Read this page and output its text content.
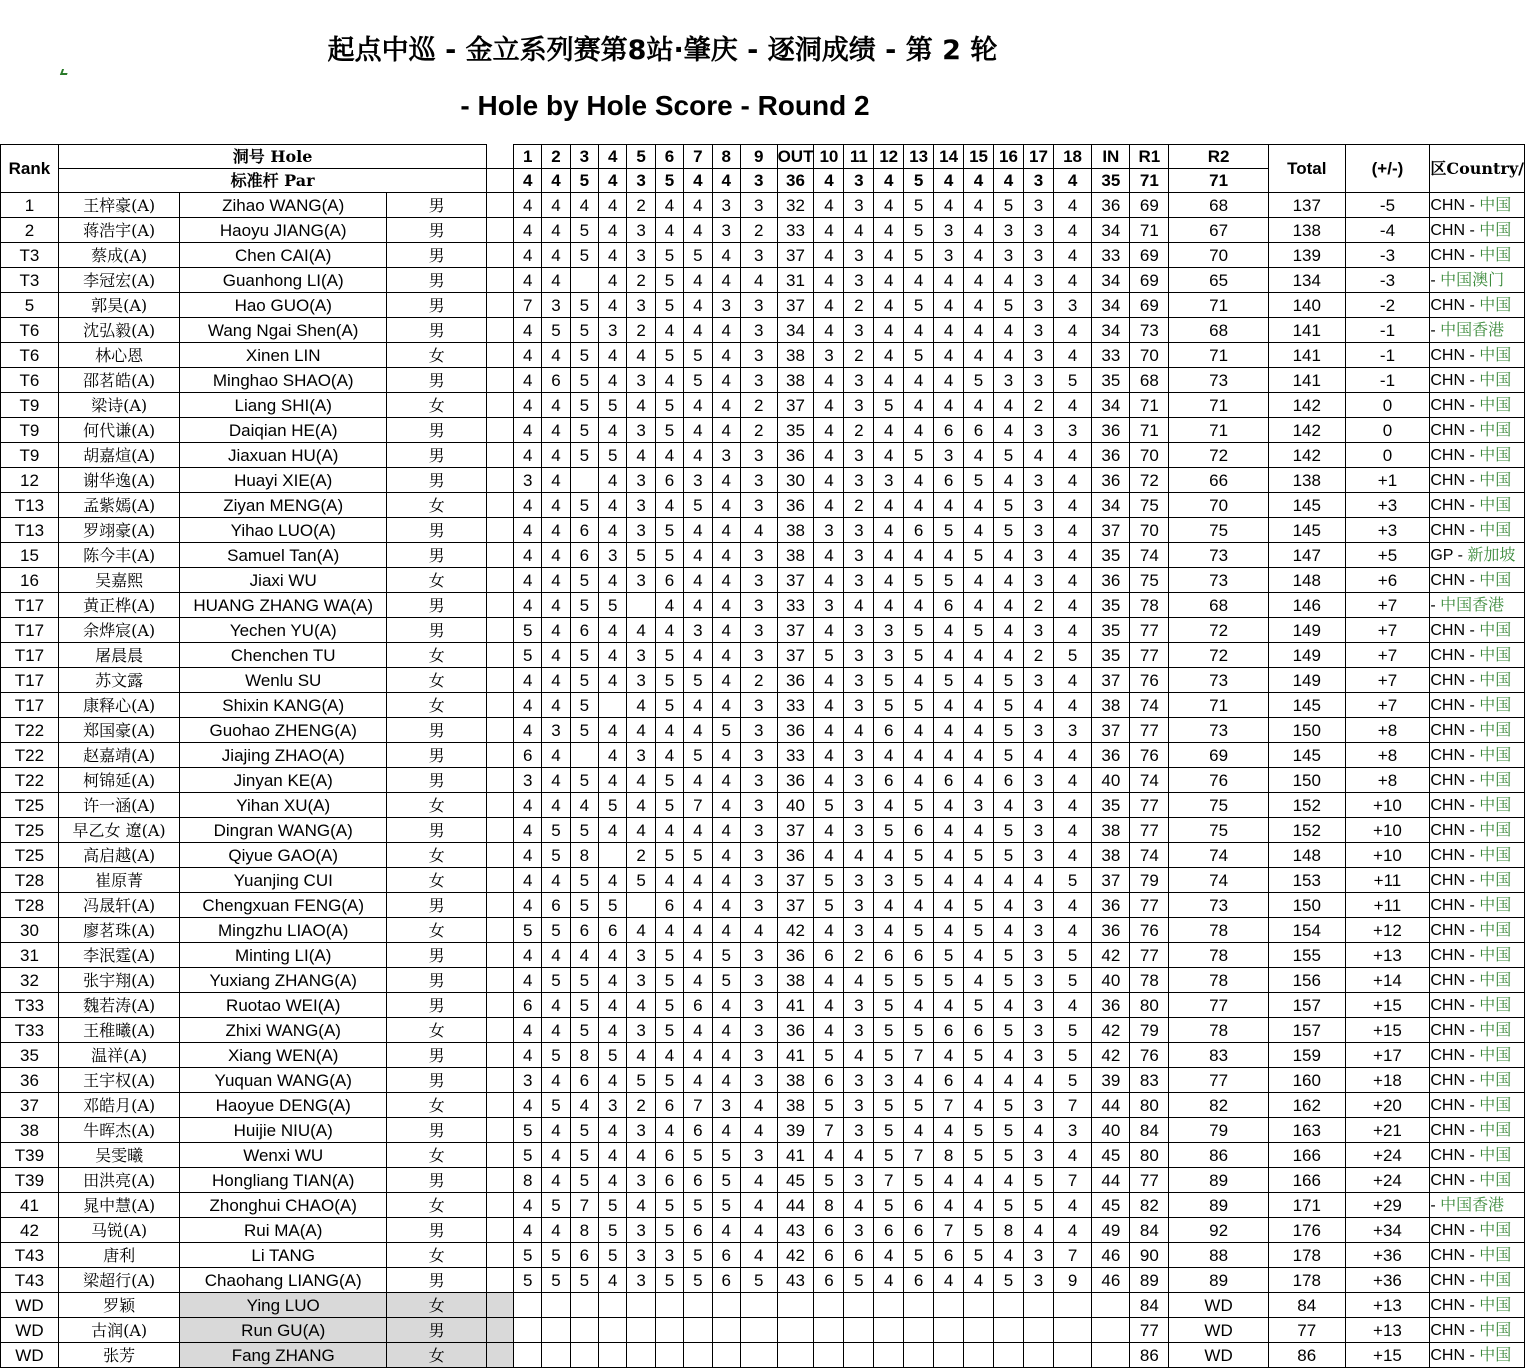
起点中巡 - 金立系列赛第8站·肇庆 - 逐洞成绩 - 第 2 轮
- Hole by Hole Score - Round 2
Rank	洞号 Hole				1	2	3	4	5	6	7	8	9	OUT	10	11	12	13	14	15	16	17	18	IN	R1	R2	Total	(+/-)	区Country/
	标准杆 Par				4	4	5	4	3	5	4	4	3	36	4	3	4	5	4	4	4	3	4	35	71	71			
1	王梓豪(A)	Zihao WANG(A)	男		4	4	4	4	2	4	4	3	3	32	4	3	4	5	4	4	5	3	4	36	69	68	137	-5	CHN - 中国
2	蒋浩宇(A)	Haoyu JIANG(A)	男		4	4	5	4	3	4	4	3	2	33	4	4	4	5	3	4	3	3	4	34	71	67	138	-4	CHN - 中国
T3	蔡成(A)	Chen CAI(A)	男		4	4	5	4	3	5	5	4	3	37	4	3	4	5	3	4	3	3	4	33	69	70	139	-3	CHN - 中国
T3	李冠宏(A)	Guanhong LI(A)	男		4	4		4	2	5	4	4	4	31	4	3	4	4	4	4	4	3	4	34	69	65	134	-3	- 中国澳门
5	郭昊(A)	Hao GUO(A)	男		7	3	5	4	3	5	4	3	3	37	4	2	4	5	4	4	5	3	3	34	69	71	140	-2	CHN - 中国
T6	沈弘毅(A)	Wang Ngai Shen(A)	男		4	5	5	3	2	4	4	4	3	34	4	3	4	4	4	4	4	3	4	34	73	68	141	-1	- 中国香港
T6	林心恩	Xinen LIN	女		4	4	5	4	4	5	5	4	3	38	3	2	4	5	4	4	4	3	4	33	70	71	141	-1	CHN - 中国
T6	邵茗皓(A)	Minghao SHAO(A)	男		4	6	5	4	3	4	5	4	3	38	4	3	4	4	4	5	3	3	5	35	68	73	141	-1	CHN - 中国
T9	梁诗(A)	Liang SHI(A)	女		4	4	5	5	4	5	4	4	2	37	4	3	5	4	4	4	4	2	4	34	71	71	142	0	CHN - 中国
T9	何代谦(A)	Daiqian HE(A)	男		4	4	5	4	3	5	4	4	2	35	4	2	4	4	6	6	4	3	3	36	71	71	142	0	CHN - 中国
T9	胡嘉煊(A)	Jiaxuan HU(A)	男		4	4	5	5	4	4	4	3	3	36	4	3	4	5	3	4	5	4	4	36	70	72	142	0	CHN - 中国
12	谢华逸(A)	Huayi XIE(A)	男		3	4		4	3	6	3	4	3	30	4	3	3	4	6	5	4	3	4	36	72	66	138	+1	CHN - 中国
T13	孟紫嫣(A)	Ziyan MENG(A)	女		4	4	5	4	3	4	5	4	3	36	4	2	4	4	4	4	5	3	4	34	75	70	145	+3	CHN - 中国
T13	罗翊豪(A)	Yihao LUO(A)	男		4	4	6	4	3	5	4	4	4	38	3	3	4	6	5	4	5	3	4	37	70	75	145	+3	CHN - 中国
15	陈今丰(A)	Samuel Tan(A)	男		4	4	6	3	5	5	4	4	3	38	4	3	4	4	4	5	4	3	4	35	74	73	147	+5	GP - 新加坡
16	吴嘉熙	Jiaxi WU	女		4	4	5	4	3	6	4	4	3	37	4	3	4	5	5	4	4	3	4	36	75	73	148	+6	CHN - 中国
T17	黄正桦(A)	HUANG ZHANG WA(A)	男		4	4	5	5		4	4	4	3	33	3	4	4	4	6	4	4	2	4	35	78	68	146	+7	- 中国香港
T17	余烨宸(A)	Yechen YU(A)	男		5	4	6	4	4	4	3	4	3	37	4	3	3	5	4	5	4	3	4	35	77	72	149	+7	CHN - 中国
T17	屠晨晨	Chenchen TU	女		5	4	5	4	3	5	4	4	3	37	5	3	3	5	4	4	4	2	5	35	77	72	149	+7	CHN - 中国
T17	苏文露	Wenlu SU	女		4	4	5	4	3	5	5	4	2	36	4	3	5	4	5	4	5	3	4	37	76	73	149	+7	CHN - 中国
T17	康释心(A)	Shixin KANG(A)	女		4	4	5		4	5	4	4	3	33	4	3	5	5	4	4	5	4	4	38	74	71	145	+7	CHN - 中国
T22	郑国豪(A)	Guohao ZHENG(A)	男		4	3	5	4	4	4	4	5	3	36	4	4	6	4	4	4	5	3	3	37	77	73	150	+8	CHN - 中国
T22	赵嘉靖(A)	Jiajing ZHAO(A)	男		6	4		4	3	4	5	4	3	33	4	3	4	4	4	4	5	4	4	36	76	69	145	+8	CHN - 中国
T22	柯锦延(A)	Jinyan KE(A)	男		3	4	5	4	4	5	4	4	3	36	4	3	6	4	6	4	6	3	4	40	74	76	150	+8	CHN - 中国
T25	许一涵(A)	Yihan XU(A)	女		4	4	4	5	4	5	7	4	3	40	5	3	4	5	4	3	4	3	4	35	77	75	152	+10	CHN - 中国
T25	早乙女 遼(A)	Dingran WANG(A)	男		4	5	5	4	4	4	4	4	3	37	4	3	5	6	4	4	5	3	4	38	77	75	152	+10	CHN - 中国
T25	高启越(A)	Qiyue GAO(A)	女		4	5	8		2	5	5	4	3	36	4	4	4	5	4	5	5	3	4	38	74	74	148	+10	CHN - 中国
T28	崔原菁	Yuanjing CUI	女		4	4	5	4	5	4	4	4	3	37	5	3	3	5	4	4	4	4	5	37	79	74	153	+11	CHN - 中国
T28	冯晟轩(A)	Chengxuan FENG(A)	男		4	6	5	5		6	4	4	3	37	5	3	4	4	4	5	4	3	4	36	77	73	150	+11	CHN - 中国
30	廖茗珠(A)	Mingzhu LIAO(A)	女		5	5	6	6	4	4	4	4	4	42	4	3	4	5	4	5	4	3	4	36	76	78	154	+12	CHN - 中国
31	李泯霆(A)	Minting LI(A)	男		4	4	4	4	3	5	4	5	3	36	6	2	6	6	5	4	5	3	5	42	77	78	155	+13	CHN - 中国
32	张宇翔(A)	Yuxiang ZHANG(A)	男		4	5	5	4	3	5	4	5	3	38	4	4	5	5	5	4	5	3	5	40	78	78	156	+14	CHN - 中国
T33	魏若涛(A)	Ruotao WEI(A)	男		6	4	5	4	4	5	6	4	3	41	4	3	5	4	4	5	4	3	4	36	80	77	157	+15	CHN - 中国
T33	王稚曦(A)	Zhixi WANG(A)	女		4	4	5	4	3	5	4	4	3	36	4	3	5	5	6	6	5	3	5	42	79	78	157	+15	CHN - 中国
35	温祥(A)	Xiang WEN(A)	男		4	5	8	5	4	4	4	4	3	41	5	4	5	7	4	5	4	3	5	42	76	83	159	+17	CHN - 中国
36	王宇权(A)	Yuquan WANG(A)	男		3	4	6	4	5	5	4	4	3	38	6	3	3	4	6	4	4	4	5	39	83	77	160	+18	CHN - 中国
37	邓皓月(A)	Haoyue DENG(A)	女		4	5	4	3	2	6	7	3	4	38	5	3	5	5	7	4	5	3	7	44	80	82	162	+20	CHN - 中国
38	牛晖杰(A)	Huijie NIU(A)	男		5	4	5	4	3	4	6	4	4	39	7	3	5	4	4	5	5	4	3	40	84	79	163	+21	CHN - 中国
T39	吴雯曦	Wenxi WU	女		5	4	5	4	4	6	5	5	3	41	4	4	5	7	8	5	5	3	4	45	80	86	166	+24	CHN - 中国
T39	田洪亮(A)	Hongliang TIAN(A)	男		8	4	5	4	3	6	6	5	4	45	5	3	7	5	4	4	4	5	7	44	77	89	166	+24	CHN - 中国
41	晁中慧(A)	Zhonghui CHAO(A)	女		4	5	7	5	4	5	5	5	4	44	8	4	5	6	4	4	5	5	4	45	82	89	171	+29	- 中国香港
42	马锐(A)	Rui MA(A)	男		4	4	8	5	3	5	6	4	4	43	6	3	6	6	7	5	8	4	4	49	84	92	176	+34	CHN - 中国
T43	唐利	Li TANG	女		5	5	6	5	3	3	5	6	4	42	6	6	4	5	6	5	4	3	7	46	90	88	178	+36	CHN - 中国
T43	梁超行(A)	Chaohang LIANG(A)	男		5	5	5	4	3	5	5	6	5	43	6	5	4	6	4	4	5	3	9	46	89	89	178	+36	CHN - 中国
WD	罗颖	Ying LUO	女																						84	WD	84	+13	CHN - 中国
WD	古润(A)	Run GU(A)	男																						77	WD	77	+13	CHN - 中国
WD	张芳	Fang ZHANG	女																						86	WD	86	+15	CHN - 中国
